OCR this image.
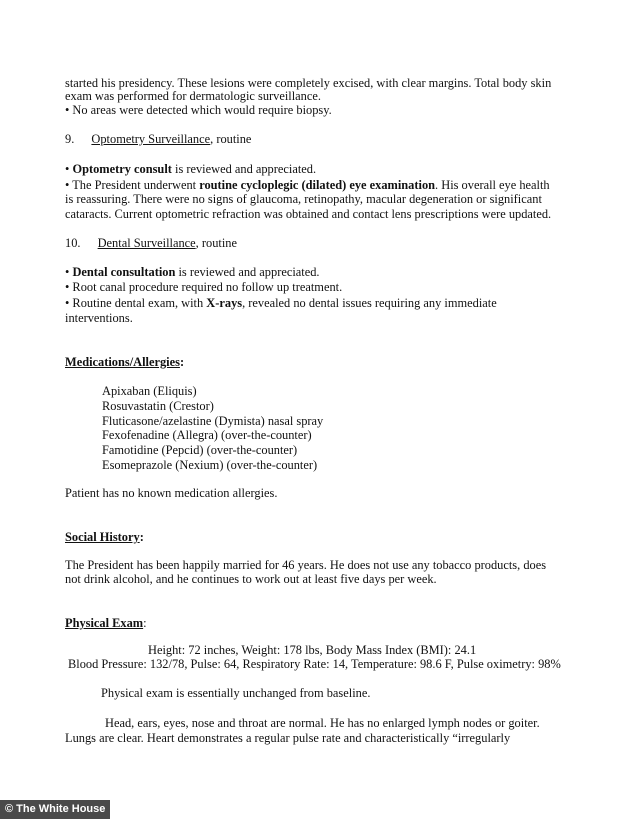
started his presidency. These lesions were completely excised, with clear margins. Total body skin
exam was performed for dermatologic surveillance.
• No areas were detected which would require biopsy.
9. Optometry Surveillance, routine
• Optometry consult is reviewed and appreciated.
• The President underwent routine cycloplegic (dilated) eye examination. His overall eye health
is reassuring. There were no signs of glaucoma, retinopathy, macular degeneration or significant
cataracts. Current optometric refraction was obtained and contact lens prescriptions were updated.
10. Dental Surveillance, routine
• Dental consultation is reviewed and appreciated.
• Root canal procedure required no follow up treatment.
• Routine dental exam, with X-rays, revealed no dental issues requiring any immediate
interventions.
Medications/Allergies:
Apixaban (Eliquis)
Rosuvastatin (Crestor)
Fluticasone/azelastine (Dymista) nasal spray
Fexofenadine (Allegra) (over-the-counter)
Famotidine (Pepcid) (over-the-counter)
Esomeprazole (Nexium) (over-the-counter)
Patient has no known medication allergies.
Social History:
The President has been happily married for 46 years. He does not use any tobacco products, does
not drink alcohol, and he continues to work out at least five days per week.
Physical Exam:
Height: 72 inches, Weight: 178 lbs, Body Mass Index (BMI): 24.1
Blood Pressure: 132/78, Pulse: 64, Respiratory Rate: 14, Temperature: 98.6 F, Pulse oximetry: 98%
Physical exam is essentially unchanged from baseline.
Head, ears, eyes, nose and throat are normal. He has no enlarged lymph nodes or goiter.
Lungs are clear. Heart demonstrates a regular pulse rate and characteristically “irregularly
© The White House
